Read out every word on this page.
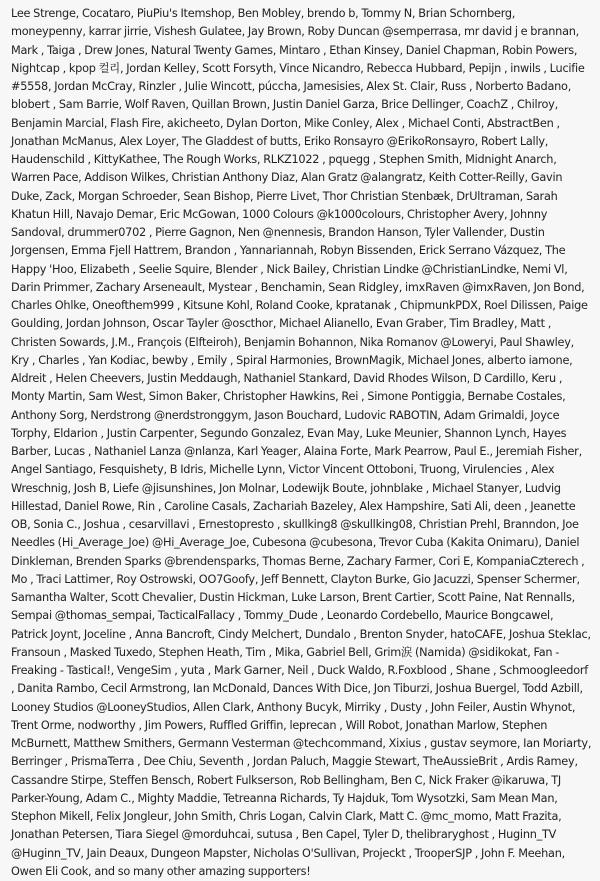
Lee Strenge, Cocataro, PiuPiu's Itemshop, Ben Mobley, brendo b, Tommy N, Brian Schornberg, moneypenny, karrar jirrie, Vishesh Gulatee, Jay Brown, Roby Duncan @semperrasa, mr david j e brannan, Mark , Taiga , Drew Jones, Natural Twenty Games, Mintaro , Ethan Kinsey, Daniel Chapman, Robin Powers, Nightcap , kpop 컬리, Jordan Kelley, Scott Forsyth, Vince Nicandro, Rebecca Hubbard, Pepijn , inwils , Lucifie #5558, Jordan McCray, Rinzler , Julie Wincott, púcchа, Jamesisies, Alex St. Clair, Russ , Norberto Badano, blobert , Sam Barrie, Wolf Raven, Quillan Brown, Justin Daniel Garza, Brice Dellinger, CoachZ , Chilroy, Benjamin Marcial, Flash Fire, akicheeto, Dylan Dorton, Mike Conley, Alex , Michael Conti, AbstractBen , Jonathan McManus, Alex Loyer, The Gladdest of butts, Eriko Ronsayro @ErikoRonsayro, Robert Lally, Haudenschild , KittyKathee, The Rough Works, RLKZ1022 , pquegg , Stephen Smith, Midnight Anarch, Warren Pace, Addison Wilkes, Christian Anthony Diaz, Alan Gratz @alangratz, Keith Cotter-Reilly, Gavin Duke, Zack, Morgan Schroeder, Sean Bishop, Pierre Livet, Thor Christian Stenbæk, DrUltraman, Sarah Khatun Hill, Navajo Demar, Eric McGowan, 1000 Colours @k1000colours, Christopher Avery, Johnny Sandoval, drummer0702 , Pierre Gagnon, Nen @nennesis, Brandon Hanson, Tyler Vallender, Dustin Jorgensen, Emma Fjell Hattrem, Brandon , Yannariannah, Robyn Bissenden, Erick Serrano Vázquez, The Happy 'Hoo, Elizabeth , Seelie Squire, Blender , Nick Bailey, Christian Lindke @ChristianLindke, Nemi Vl, Darin Primmer, Zachary Arseneault, Mystear , Benchamin, Sean Ridgley, imxRaven @imxRaven, Jon Bond, Charles Ohlke, Oneofthem999 , Kitsune Kohl, Roland Cooke, kpratanak , ChipmunkPDX, Roel Dilissen, Paige Goulding, Jordan Johnson, Oscar Tayler @oscthor, Michael Alianello, Evan Graber, Tim Bradley, Matt , Christen Sowards, J.M., François (Elfteiroh), Benjamin Bohannon, Nika Romanov @Loweryi, Paul Shawley, Kry , Charles , Yan Kodiac, bewby , Emily , Spiral Harmonies, BrownMagik, Michael Jones, alberto iamone, Aldreit , Helen Cheevers, Justin Meddaugh, Nathaniel Stankard, David Rhodes Wilson, D Cardillo, Keru , Monty Martin, Sam West, Simon Baker, Christopher Hawkins, Rei , Simone Pontiggia, Bernabe Costales, Anthony Sorg, Nerdstrong @nerdstronggym, Jason Bouchard, Ludovic RABOTIN, Adam Grimaldi, Joyce Torphy, Eldarion , Justin Carpenter, Segundo Gonzalez, Evan May, Luke Meunier, Shannon Lynch, Hayes Barber, Lucas , Nathaniel Lanza @nlanza, Karl Yeager, Alaina Forte, Mark Pearrow, Paul E., Jeremiah Fisher, Angel Santiago, Fesquishety, B Idris, Michelle Lynn, Victor Vincent Ottoboni, Truong, Virulencies , Alex Wreschnig, Josh B, Liefe @jisunshines, Jon Molnar, Lodewijk Boute, johnblake , Michael Stanyer, Ludvig Hillestad, Daniel Rowe, Rin , Caroline Casals, Zachariah Bazeley, Alex Hampshire, Sati Ali, deen , Jeanette OB, Sonia C., Joshua , cesarvillavi , Ernestopresto , skullking8 @skullking08, Christian Prehl, Branndon, Joe Needles (Hi_Average_Joe) @Hi_Average_Joe, Cubesona @cubesona, Trevor Cuba (Kakita Onimaru), Daniel Dinkleman, Brenden Sparks @brendensparks, Thomas Berne, Zachary Farmer, Cori E, KompaniaCzterech , Mo , Traci Lattimer, Roy Ostrowski, OO7Goofy, Jeff Bennett, Clayton Burke, Gio Jacuzzi, Spenser Schermer, Samantha Walter, Scott Chevalier, Dustin Hickman, Luke Larson, Brent Cartier, Scott Paine, Nat Rennalls, Sempai @thomas_sempai, TacticalFallacy , Tommy_Dude , Leonardo Cordebello, Maurice Bongcawel, Patrick Joynt, Joceline , Anna Bancroft, Cindy Melchert, Dundalo , Brenton Snyder, hatoCAFE, Joshua Steklac, Fransoun , Masked Tuxedo, Stephen Heath, Tim , Mika, Gabriel Bell, Grim涙 (Namida) @sidikokat, Fan - Freaking - Tastical!, VengeSim , yuta , Mark Garner, Neil , Duck Waldo, R.Foxblood , Shane , Schmoogleedorf , Danita Rambo, Cecil Armstrong, Ian McDonald, Dances With Dice, Jon Tiburzi, Joshua Buergel, Todd Azbill, Looney Studios @LooneyStudios, Allen Clark, Anthony Bucyk, Mirriky , Dusty , John Feiler, Austin Whynot, Trent Orme, nodworthy , Jim Powers, Ruffled Griffin, leprecan , Will Robot, Jonathan Marlow, Stephen McBurnett, Matthew Smithers, Germann Vesterman @techcommand, Xixius , gustav seymore, Ian Moriarty, Berringer , PrismaTerra , Dee Chiu, Seventh , Jordan Paluch, Maggie Stewart, TheAussieBrit , Ardis Ramey, Cassandre Stirpe, Steffen Bensch, Robert Fulkserson, Rob Bellingham, Ben C, Nick Fraker @ikaruwa, TJ Parker-Young, Adam C., Mighty Maddie, Tetreanna Richards, Ty Hajduk, Tom Wysotzki, Sam Mean Man, Stephon Mikell, Felix Jongleur, John Smith, Chris Logan, Calvin Clark, Matt C. @mc_momo, Matt Frazita, Jonathan Petersen, Tiara Siegel @morduhcai, sutusa , Ben Capel, Tyler D, thelibraryghost , Huginn_TV @Huginn_TV, Jain Deaux, Dungeon Mapster, Nicholas O'Sullivan, Projeckt , TrooperSJP , John F. Meehan, Owen Eli Cook, and so many other amazing supporters!
